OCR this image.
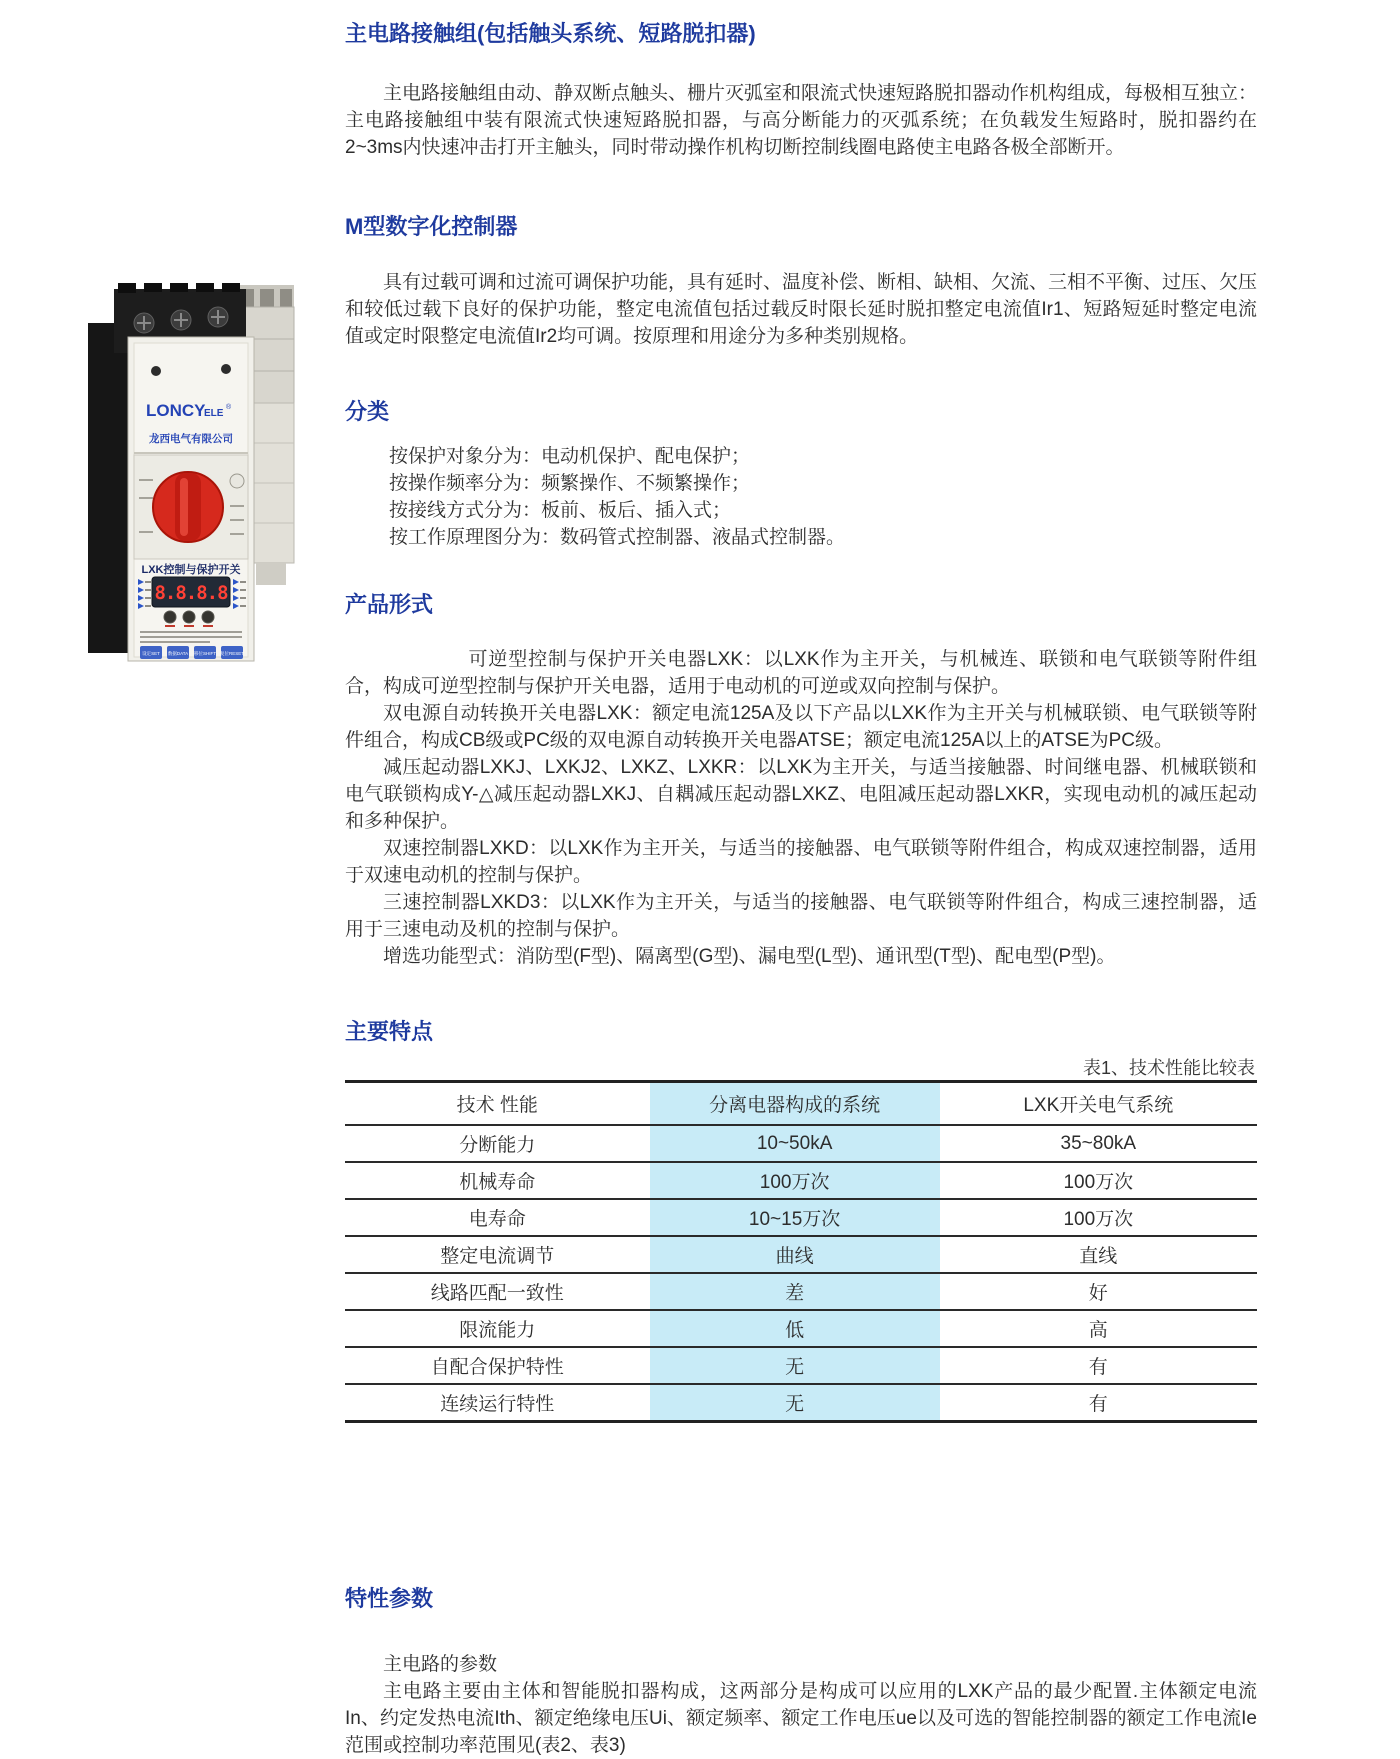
LONCY
ELE
®
龙西电气有限公司
LXK控制与保护开关
8.8.8.8
设定SET 数据DATA 移位SHIFT 复位RESET
主电路接触组(包括触头系统、短路脱扣器)

主电路接触组由动、静双断点触头、栅片灭弧室和限流式快速短路脱扣器动作机构组成，每极相互独立：主电路接触组中装有限流式快速短路脱扣器，与高分断能力的灭弧系统；在负载发生短路时，脱扣器约在2~3ms内快速冲击打开主触头，同时带动操作机构切断控制线圈电路使主电路各极全部断开。

M型数字化控制器

具有过载可调和过流可调保护功能，具有延时、温度补偿、断相、缺相、欠流、三相不平衡、过压、欠压和较低过载下良好的保护功能，整定电流值包括过载反时限长延时脱扣整定电流值Ir1、短路短延时整定电流值或定时限整定电流值Ir2均可调。按原理和用途分为多种类别规格。

分类
按保护对象分为：电动机保护、配电保护；
按操作频率分为：频繁操作、不频繁操作；
按接线方式分为：板前、板后、插入式；
按工作原理图分为：数码管式控制器、液晶式控制器。
产品形式

可逆型控制与保护开关电器LXK：以LXK作为主开关，与机械连、联锁和电气联锁等附件组合，构成可逆型控制与保护开关电器，适用于电动机的可逆或双向控制与保护。

双电源自动转换开关电器LXK：额定电流125A及以下产品以LXK作为主开关与机械联锁、电气联锁等附件组合，构成CB级或PC级的双电源自动转换开关电器ATSE；额定电流125A以上的ATSE为PC级。

减压起动器LXKJ、LXKJ2、LXKZ、LXKR：以LXK为主开关，与适当接触器、时间继电器、机械联锁和电气联锁构成Y-△减压起动器LXKJ、自耦减压起动器LXKZ、电阻减压起动器LXKR，实现电动机的减压起动和多种保护。

双速控制器LXKD：以LXK作为主开关，与适当的接触器、电气联锁等附件组合，构成双速控制器，适用于双速电动机的控制与保护。

三速控制器LXKD3：以LXK作为主开关，与适当的接触器、电气联锁等附件组合，构成三速控制器，适用于三速电动及机的控制与保护。

增选功能型式：消防型(F型)、隔离型(G型)、漏电型(L型)、通讯型(T型)、配电型(P型)。

主要特点
表1、技术性能比较表
技术 性能	分离电器构成的系统	LXK开关电气系统
分断能力	10~50kA	35~80kA
机械寿命	100万次	100万次
电寿命	10~15万次	100万次
整定电流调节	曲线	直线
线路匹配一致性	差	好
限流能力	低	高
自配合保护特性	无	有
连续运行特性	无	有
特性参数

主电路的参数

主电路主要由主体和智能脱扣器构成，这两部分是构成可以应用的LXK产品的最少配置.主体额定电流In、约定发热电流Ith、额定绝缘电压Ui、额定频率、额定工作电压ue以及可选的智能控制器的额定工作电流Ie范围或控制功率范围见(表2、表3)
